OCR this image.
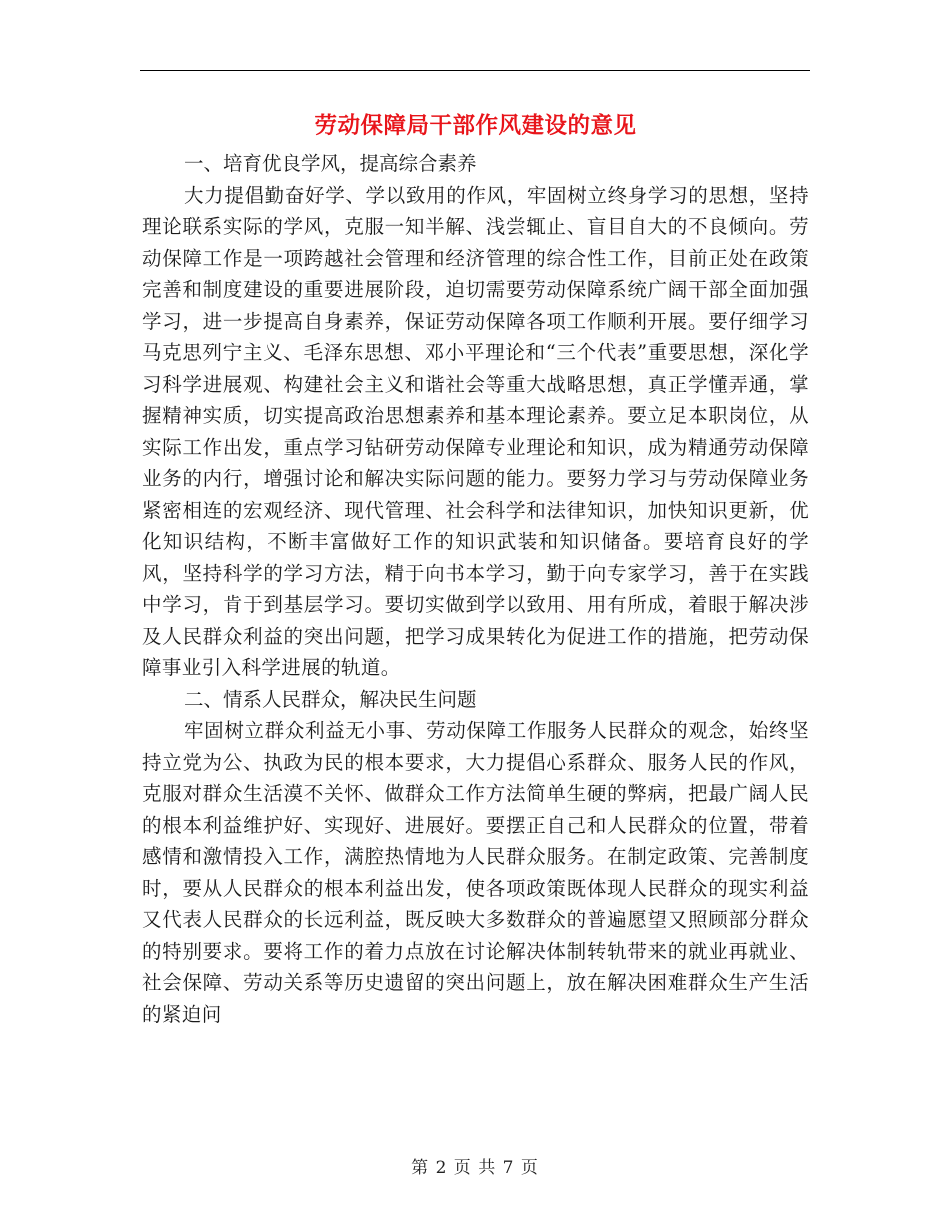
劳动保障局干部作风建设的意见
一、培育优良学风，提高综合素养

大力提倡勤奋好学、学以致用的作风，牢固树立终身学习的思想，坚持理论联系实际的学风，克服一知半解、浅尝辄止、盲目自大的不良倾向。劳动保障工作是一项跨越社会管理和经济管理的综合性工作，目前正处在政策完善和制度建设的重要进展阶段，迫切需要劳动保障系统广阔干部全面加强学习，进一步提高自身素养，保证劳动保障各项工作顺利开展。要仔细学习马克思列宁主义、毛泽东思想、邓小平理论和“三个代表”重要思想，深化学习科学进展观、构建社会主义和谐社会等重大战略思想，真正学懂弄通，掌握精神实质，切实提高政治思想素养和基本理论素养。要立足本职岗位，从实际工作出发，重点学习钻研劳动保障专业理论和知识，成为精通劳动保障业务的内行，增强讨论和解决实际问题的能力。要努力学习与劳动保障业务紧密相连的宏观经济、现代管理、社会科学和法律知识，加快知识更新，优化知识结构，不断丰富做好工作的知识武装和知识储备。要培育良好的学风，坚持科学的学习方法，精于向书本学习，勤于向专家学习，善于在实践中学习，肯于到基层学习。要切实做到学以致用、用有所成，着眼于解决涉及人民群众利益的突出问题，把学习成果转化为促进工作的措施，把劳动保障事业引入科学进展的轨道。

二、情系人民群众，解决民生问题

牢固树立群众利益无小事、劳动保障工作服务人民群众的观念，始终坚持立党为公、执政为民的根本要求，大力提倡心系群众、服务人民的作风，克服对群众生活漠不关怀、做群众工作方法简单生硬的弊病，把最广阔人民的根本利益维护好、实现好、进展好。要摆正自己和人民群众的位置，带着感情和激情投入工作，满腔热情地为人民群众服务。在制定政策、完善制度时，要从人民群众的根本利益出发，使各项政策既体现人民群众的现实利益又代表人民群众的长远利益，既反映大多数群众的普遍愿望又照顾部分群众的特别要求。要将工作的着力点放在讨论解决体制转轨带来的就业再就业、社会保障、劳动关系等历史遗留的突出问题上，放在解决困难群众生产生活的紧迫问

第 2 页 共 7 页
